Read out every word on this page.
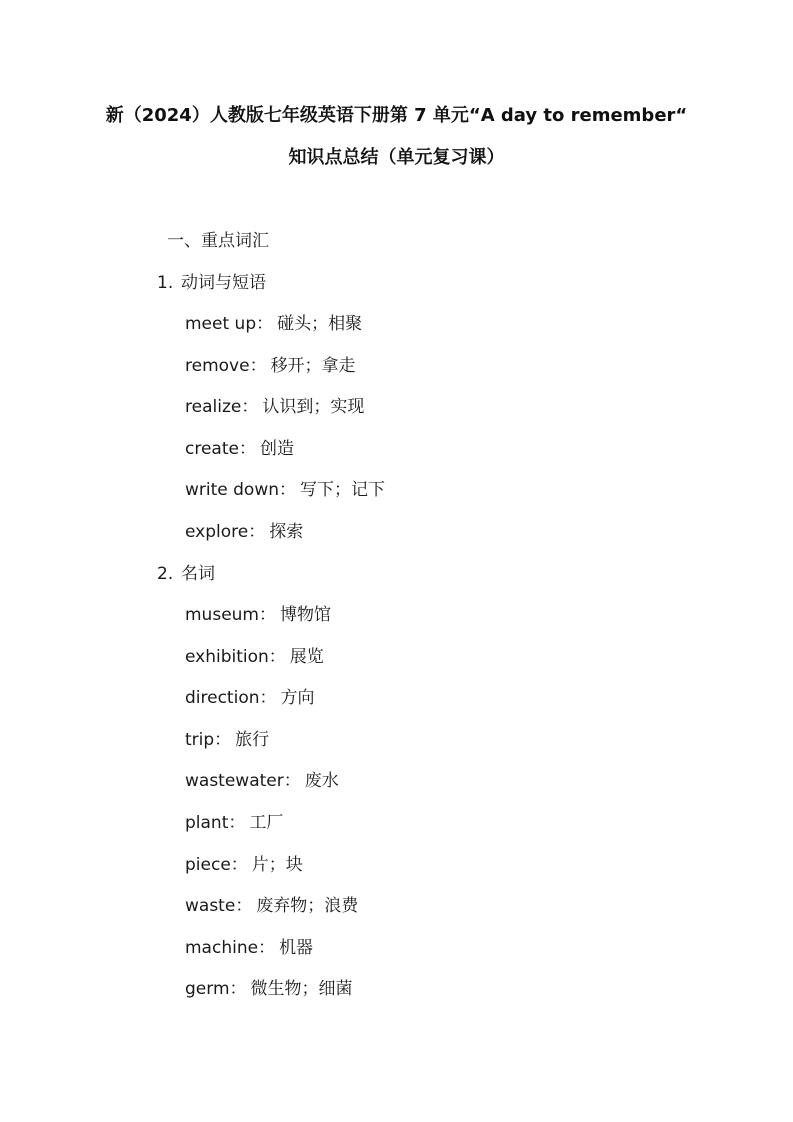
新（2024）人教版七年级英语下册第 7 单元“A day to remember“
知识点总结（单元复习课）
一、重点词汇
1. 动词与短语
meet up： 碰头；相聚
remove： 移开；拿走
realize： 认识到；实现
create： 创造
write down： 写下；记下
explore： 探索
2. 名词
museum： 博物馆
exhibition： 展览
direction： 方向
trip： 旅行
wastewater： 废水
plant： 工厂
piece： 片；块
waste： 废弃物；浪费
machine： 机器
germ： 微生物；细菌
